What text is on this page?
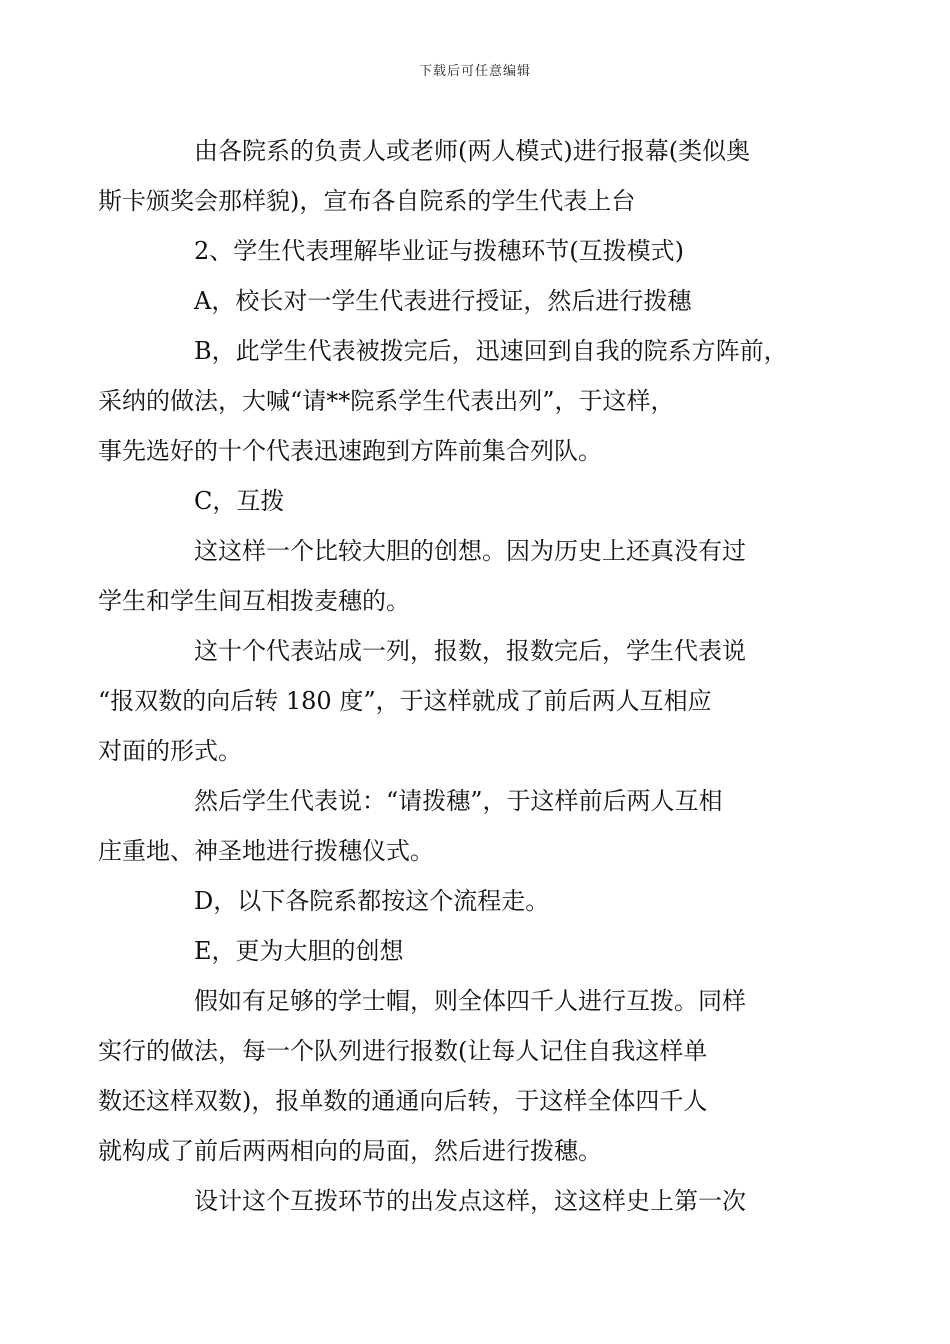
下载后可任意编辑

由各院系的负责人或老师(两人模式)进行报幕(类似奥
斯卡颁奖会那样貌)，宣布各自院系的学生代表上台

2、学生代表理解毕业证与拨穗环节(互拨模式)

A，校长对一学生代表进行授证，然后进行拨穗

B，此学生代表被拨完后，迅速回到自我的院系方阵前，
采纳的做法，大喊“请**院系学生代表出列”，于这样，
事先选好的十个代表迅速跑到方阵前集合列队。

C，互拨

这这样一个比较大胆的创想。因为历史上还真没有过
学生和学生间互相拨麦穗的。

这十个代表站成一列，报数，报数完后，学生代表说
“报双数的向后转 180 度”，于这样就成了前后两人互相应
对面的形式。

然后学生代表说：“请拨穗”，于这样前后两人互相
庄重地、神圣地进行拨穗仪式。

D，以下各院系都按这个流程走。

E，更为大胆的创想

假如有足够的学士帽，则全体四千人进行互拨。同样
实行的做法，每一个队列进行报数(让每人记住自我这样单
数还这样双数)，报单数的通通向后转，于这样全体四千人
就构成了前后两两相向的局面，然后进行拨穗。

设计这个互拨环节的出发点这样，这这样史上第一次
